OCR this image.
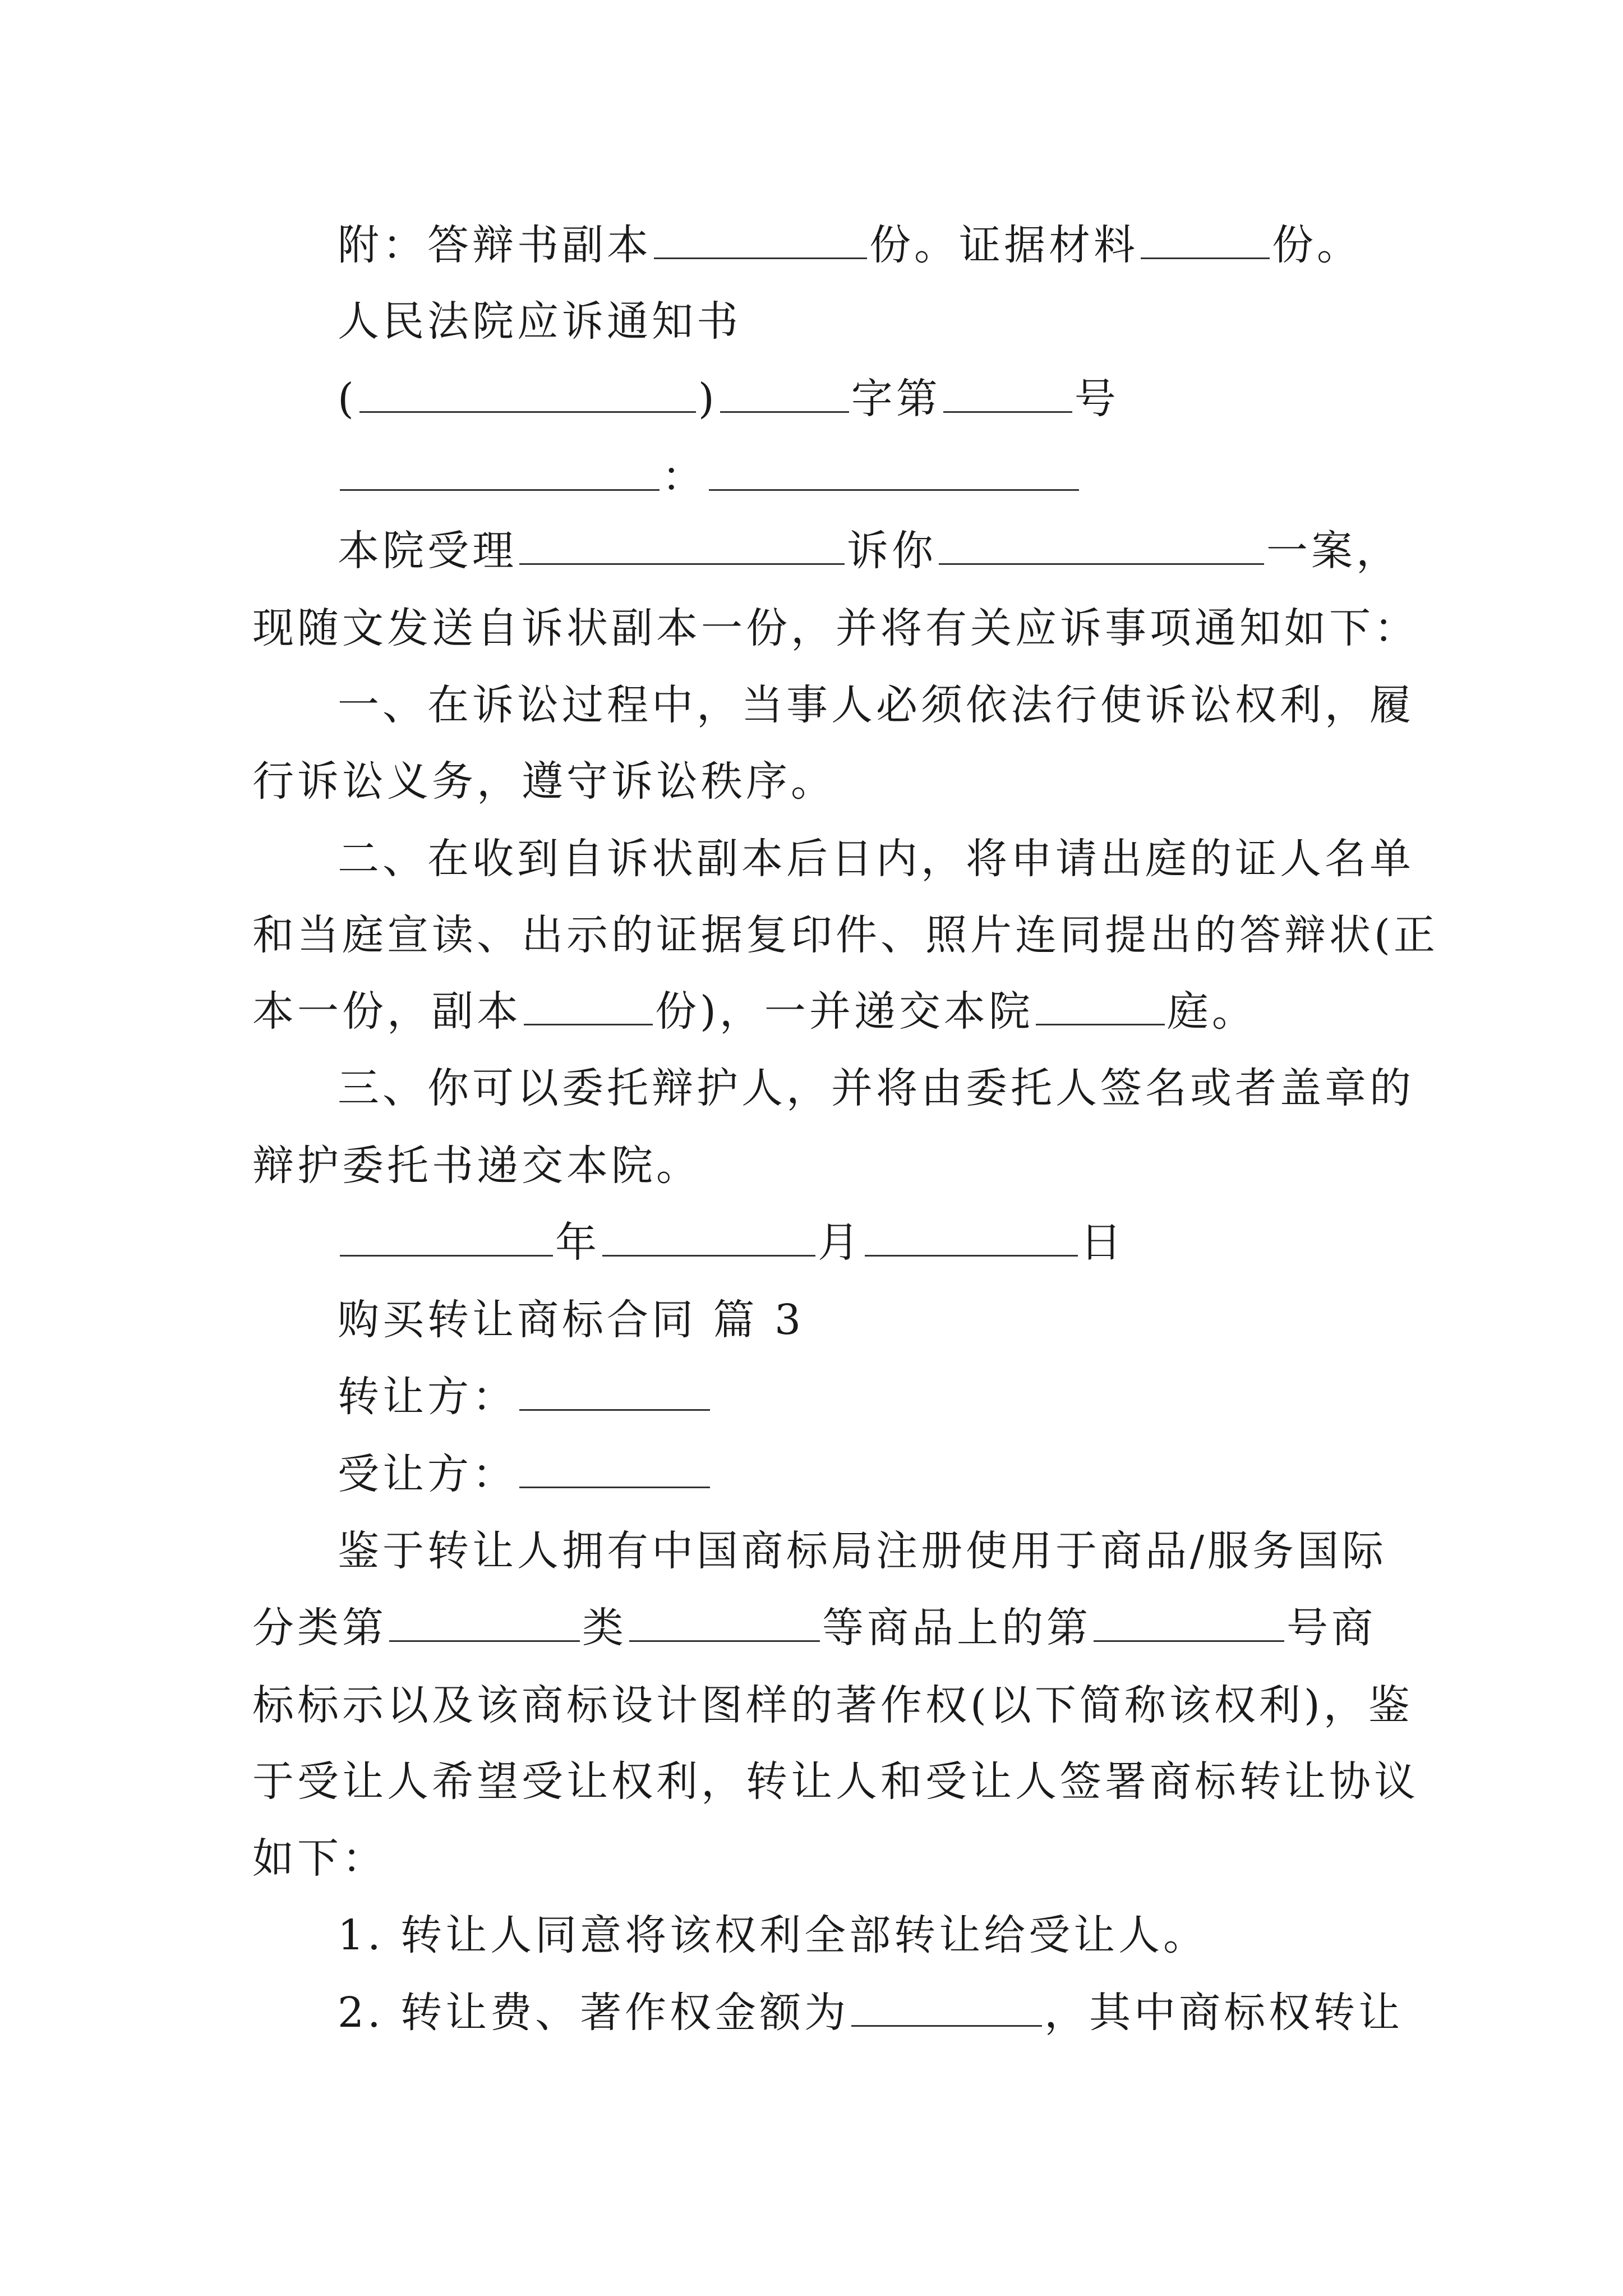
附：答辩书副本	份。证据材料	份。
人民法院应诉通知书
(	)	字第	号
：
本院受理	诉你	一案，
现随文发送自诉状副本一份，并将有关应诉事项通知如下：
一、在诉讼过程中，当事人必须依法行使诉讼权利，履
行诉讼义务，遵守诉讼秩序。
二、在收到自诉状副本后日内，将申请出庭的证人名单
和当庭宣读、出示的证据复印件、照片连同提出的答辩状(正
本一份，副本	份)，一并递交本院	庭。
三、你可以委托辩护人，并将由委托人签名或者盖章的
辩护委托书递交本院。
年	月	日
购买转让商标合同 篇 3
转让方：
受让方：
鉴于转让人拥有中国商标局注册使用于商品/服务国际
分类第	类	等商品上的第	号商
标标示以及该商标设计图样的著作权(以下简称该权利)，鉴
于受让人希望受让权利，转让人和受让人签署商标转让协议
如下：
1. 转让人同意将该权利全部转让给受让人。
2. 转让费、著作权金额为	，其中商标权转让
